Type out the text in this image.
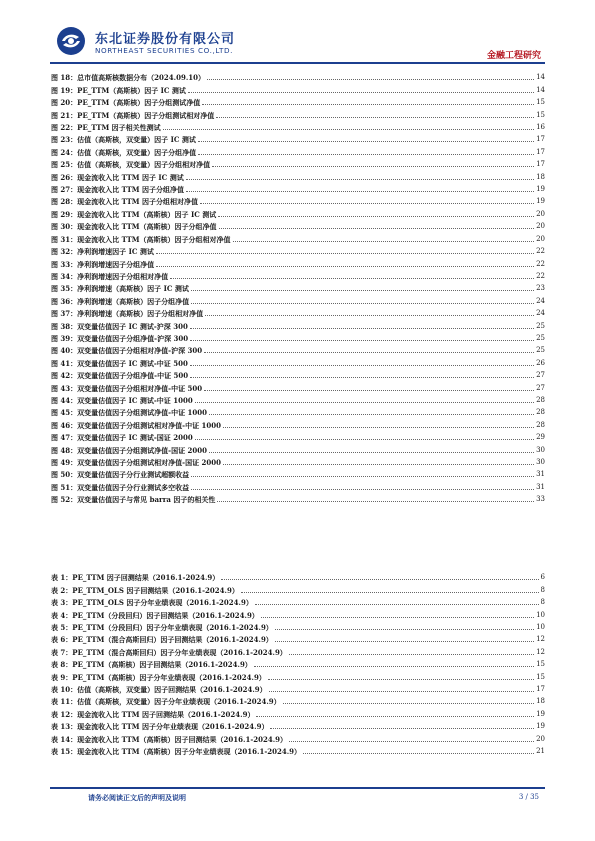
东北证券股份有限公司
NORTHEAST SECURITIES CO.,LTD.
金融工程研究
图 18：总市值高斯核数据分布（2024.09.10）	14
图 19：PE_TTM（高斯核）因子 IC 测试	14
图 20：PE_TTM（高斯核）因子分组测试净值	15
图 21：PE_TTM（高斯核）因子分组测试相对净值	15
图 22：PE_TTM 因子相关性测试	16
图 23：估值（高斯核，双变量）因子 IC 测试	17
图 24：估值（高斯核，双变量）因子分组净值	17
图 25：估值（高斯核，双变量）因子分组相对净值	17
图 26：现金流收入比 TTM 因子 IC 测试	18
图 27：现金流收入比 TTM 因子分组净值	19
图 28：现金流收入比 TTM 因子分组相对净值	19
图 29：现金流收入比 TTM（高斯核）因子 IC 测试	20
图 30：现金流收入比 TTM（高斯核）因子分组净值	20
图 31：现金流收入比 TTM（高斯核）因子分组相对净值	20
图 32：净利润增速因子 IC 测试	22
图 33：净利润增速因子分组净值	22
图 34：净利润增速因子分组相对净值	22
图 35：净利润增速（高斯核）因子 IC 测试	23
图 36：净利润增速（高斯核）因子分组净值	24
图 37：净利润增速（高斯核）因子分组相对净值	24
图 38：双变量估值因子 IC 测试-沪深 300	25
图 39：双变量估值因子分组净值-沪深 300	25
图 40：双变量估值因子分组相对净值-沪深 300	25
图 41：双变量估值因子 IC 测试-中证 500	26
图 42：双变量估值因子分组净值-中证 500	27
图 43：双变量估值因子分组相对净值-中证 500	27
图 44：双变量估值因子 IC 测试-中证 1000	28
图 45：双变量估值因子分组测试净值-中证 1000	28
图 46：双变量估值因子分组测试相对净值-中证 1000	28
图 47：双变量估值因子 IC 测试-国证 2000	29
图 48：双变量估值因子分组测试净值-国证 2000	30
图 49：双变量估值因子分组测试相对净值-国证 2000	30
图 50：双变量估值因子分行业测试超额收益	31
图 51：双变量估值因子分行业测试多空收益	31
图 52：双变量估值因子与常见 barra 因子的相关性	33
表 1：PE_TTM 因子回测结果（2016.1-2024.9）	6
表 2：PE_TTM_OLS 因子回测结果（2016.1-2024.9）	8
表 3：PE_TTM_OLS 因子分年业绩表现（2016.1-2024.9）	8
表 4：PE_TTM（分段回归）因子回测结果（2016.1-2024.9）	10
表 5：PE_TTM（分段回归）因子分年业绩表现（2016.1-2024.9）	10
表 6：PE_TTM（混合高斯回归）因子回测结果（2016.1-2024.9）	12
表 7：PE_TTM（混合高斯回归）因子分年业绩表现（2016.1-2024.9）	12
表 8：PE_TTM（高斯核）因子回测结果（2016.1-2024.9）	15
表 9：PE_TTM（高斯核）因子分年业绩表现（2016.1-2024.9）	15
表 10：估值（高斯核，双变量）因子回测结果（2016.1-2024.9）	17
表 11：估值（高斯核，双变量）因子分年业绩表现（2016.1-2024.9）	18
表 12：现金流收入比 TTM 因子回测结果（2016.1-2024.9）	19
表 13：现金流收入比 TTM 因子分年业绩表现（2016.1-2024.9）	19
表 14：现金流收入比 TTM（高斯核）因子回测结果（2016.1-2024.9）	20
表 15：现金流收入比 TTM（高斯核）因子分年业绩表现（2016.1-2024.9）	21
请务必阅读正文后的声明及说明	3 / 35
